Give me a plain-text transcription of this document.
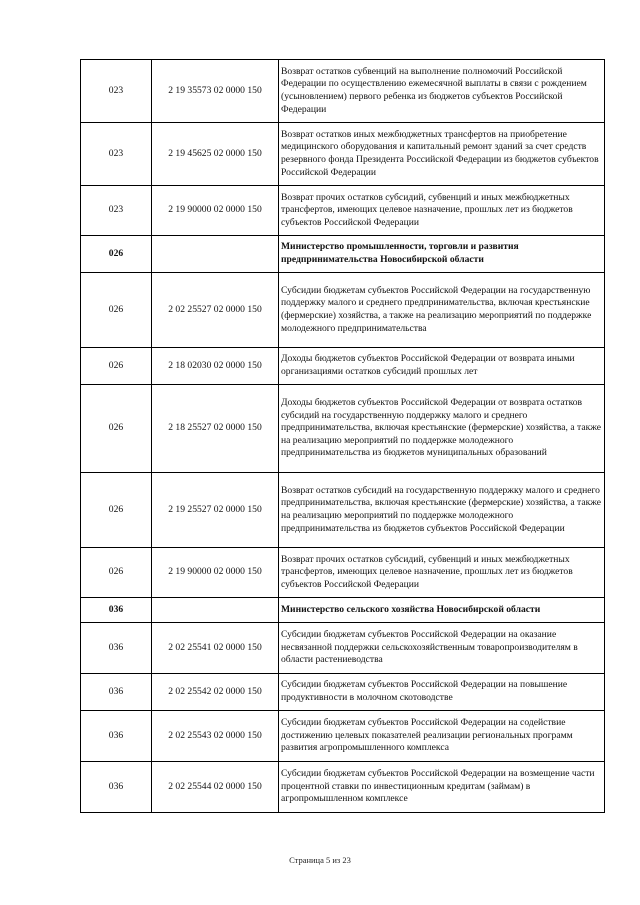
023	2 19 35573 02 0000 150	Возврат остатков субвенций на выполнение полномочий Российской Федерации по осуществлению ежемесячной выплаты в связи с рождением (усыновлением) первого ребенка из бюджетов субъектов Российской Федерации
023	2 19 45625 02 0000 150	Возврат остатков иных межбюджетных трансфертов на приобретение медицинского оборудования и капитальный ремонт зданий за счет средств резервного фонда Президента Российской Федерации из бюджетов субъектов Российской Федерации
023	2 19 90000 02 0000 150	Возврат прочих остатков субсидий, субвенций и иных межбюджетных трансфертов, имеющих целевое назначение, прошлых лет из бюджетов субъектов Российской Федерации
026		Министерство промышленности, торговли и развития предпринимательства Новосибирской области
026	2 02 25527 02 0000 150	Субсидии бюджетам субъектов Российской Федерации на государственную поддержку малого и среднего предпринимательства, включая крестьянские (фермерские) хозяйства, а также на реализацию мероприятий по поддержке молодежного предпринимательства
026	2 18 02030 02 0000 150	Доходы бюджетов субъектов Российской Федерации от возврата иными организациями остатков субсидий прошлых лет
026	2 18 25527 02 0000 150	Доходы бюджетов субъектов Российской Федерации от возврата остатков субсидий на государственную поддержку малого и среднего предпринимательства, включая крестьянские (фермерские) хозяйства, а также на реализацию мероприятий по поддержке молодежного предпринимательства из бюджетов муниципальных образований
026	2 19 25527 02 0000 150	Возврат остатков субсидий на государственную поддержку малого и среднего предпринимательства, включая крестьянские (фермерские) хозяйства, а также на реализацию мероприятий по поддержке молодежного предпринимательства из бюджетов субъектов Российской Федерации
026	2 19 90000 02 0000 150	Возврат прочих остатков субсидий, субвенций и иных межбюджетных трансфертов, имеющих целевое назначение, прошлых лет из бюджетов субъектов Российской Федерации
036		Министерство сельского хозяйства Новосибирской области
036	2 02 25541 02 0000 150	Субсидии бюджетам субъектов Российской Федерации на оказание несвязанной поддержки сельскохозяйственным товаропроизводителям в области растениеводства
036	2 02 25542 02 0000 150	Субсидии бюджетам субъектов Российской Федерации на повышение продуктивности в молочном скотоводстве
036	2 02 25543 02 0000 150	Субсидии бюджетам субъектов Российской Федерации на содействие достижению целевых показателей реализации региональных программ развития агропромышленного комплекса
036	2 02 25544 02 0000 150	Субсидии бюджетам субъектов Российской Федерации на возмещение части процентной ставки по инвестиционным кредитам (займам) в агропромышленном комплексе
Страница 5 из 23
